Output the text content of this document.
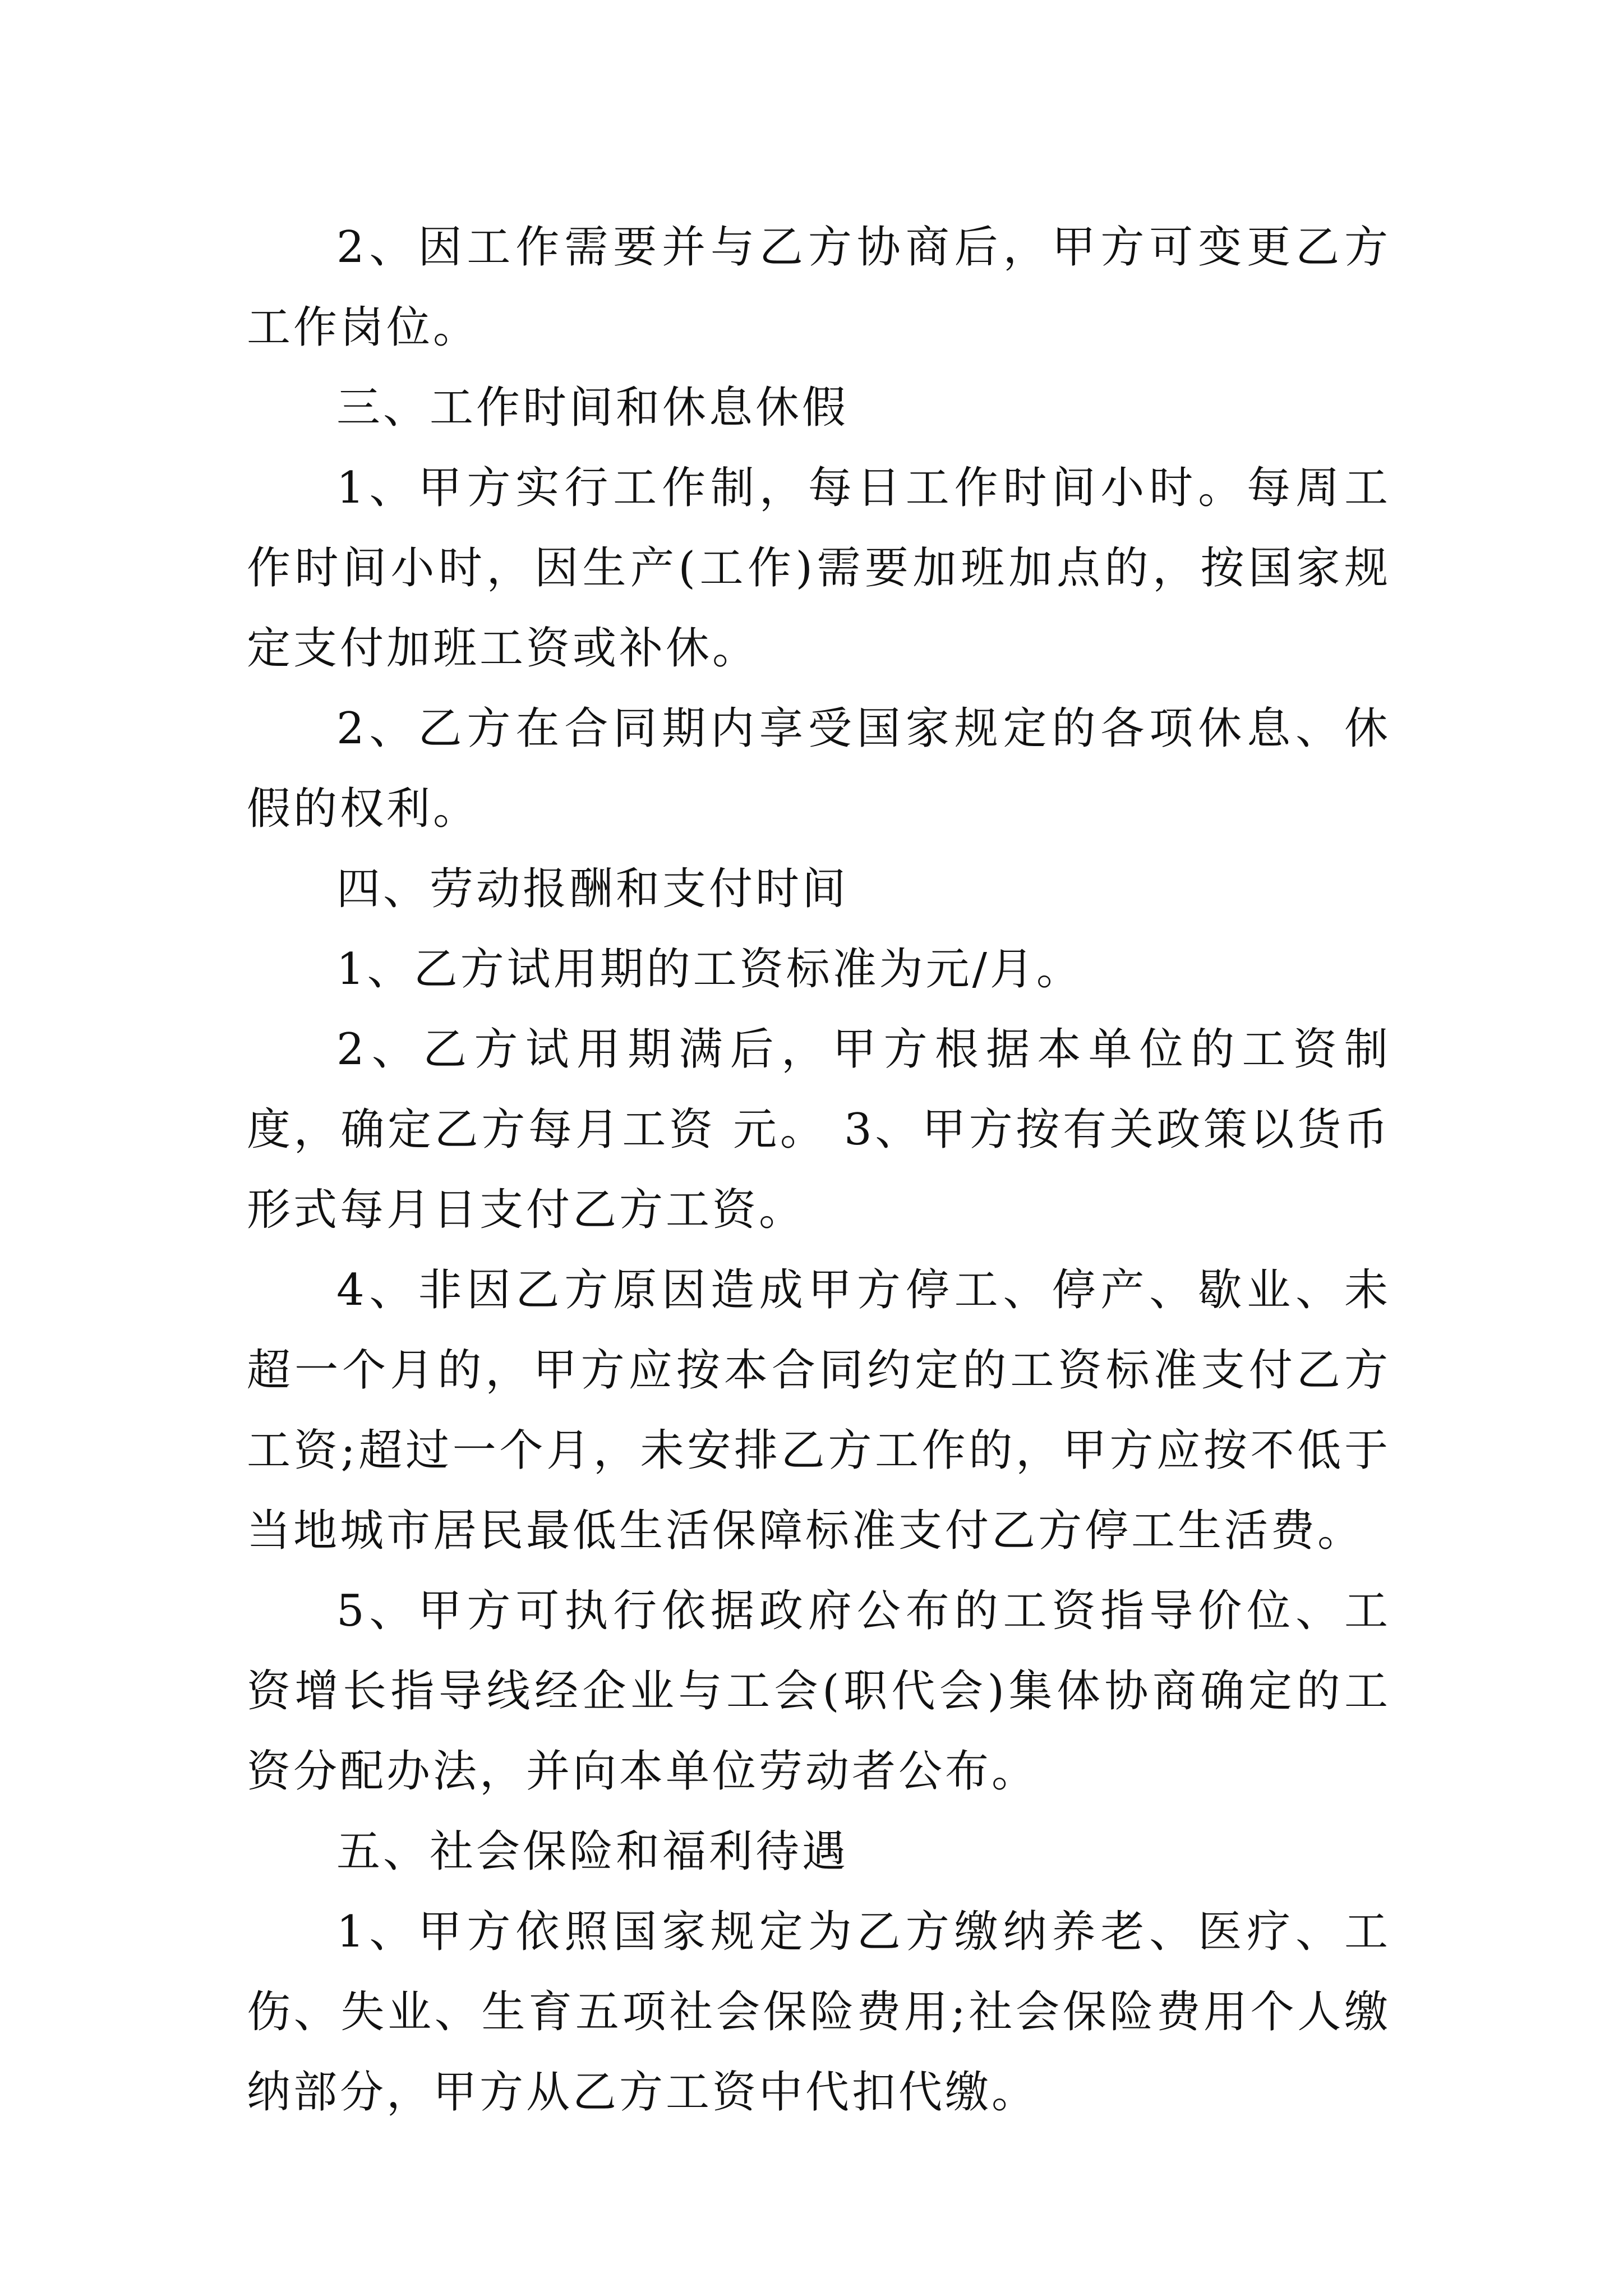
2、因工作需要并与乙方协商后，甲方可变更乙方工作岗位。

三、工作时间和休息休假

1、甲方实行工作制，每日工作时间小时。每周工作时间小时，因生产(工作)需要加班加点的，按国家规定支付加班工资或补休。

2、乙方在合同期内享受国家规定的各项休息、休假的权利。

四、劳动报酬和支付时间

1、乙方试用期的工资标准为元/月。

2、乙方试用期满后，甲方根据本单位的工资制度，确定乙方每月工资 元。 3、甲方按有关政策以货币形式每月日支付乙方工资。

4、非因乙方原因造成甲方停工、停产、歇业、未超一个月的，甲方应按本合同约定的工资标准支付乙方工资;超过一个月，未安排乙方工作的，甲方应按不低于当地城市居民最低生活保障标准支付乙方停工生活费。

5、甲方可执行依据政府公布的工资指导价位、工资增长指导线经企业与工会(职代会)集体协商确定的工资分配办法，并向本单位劳动者公布。

五、社会保险和福利待遇

1、甲方依照国家规定为乙方缴纳养老、医疗、工伤、失业、生育五项社会保险费用;社会保险费用个人缴纳部分，甲方从乙方工资中代扣代缴。
